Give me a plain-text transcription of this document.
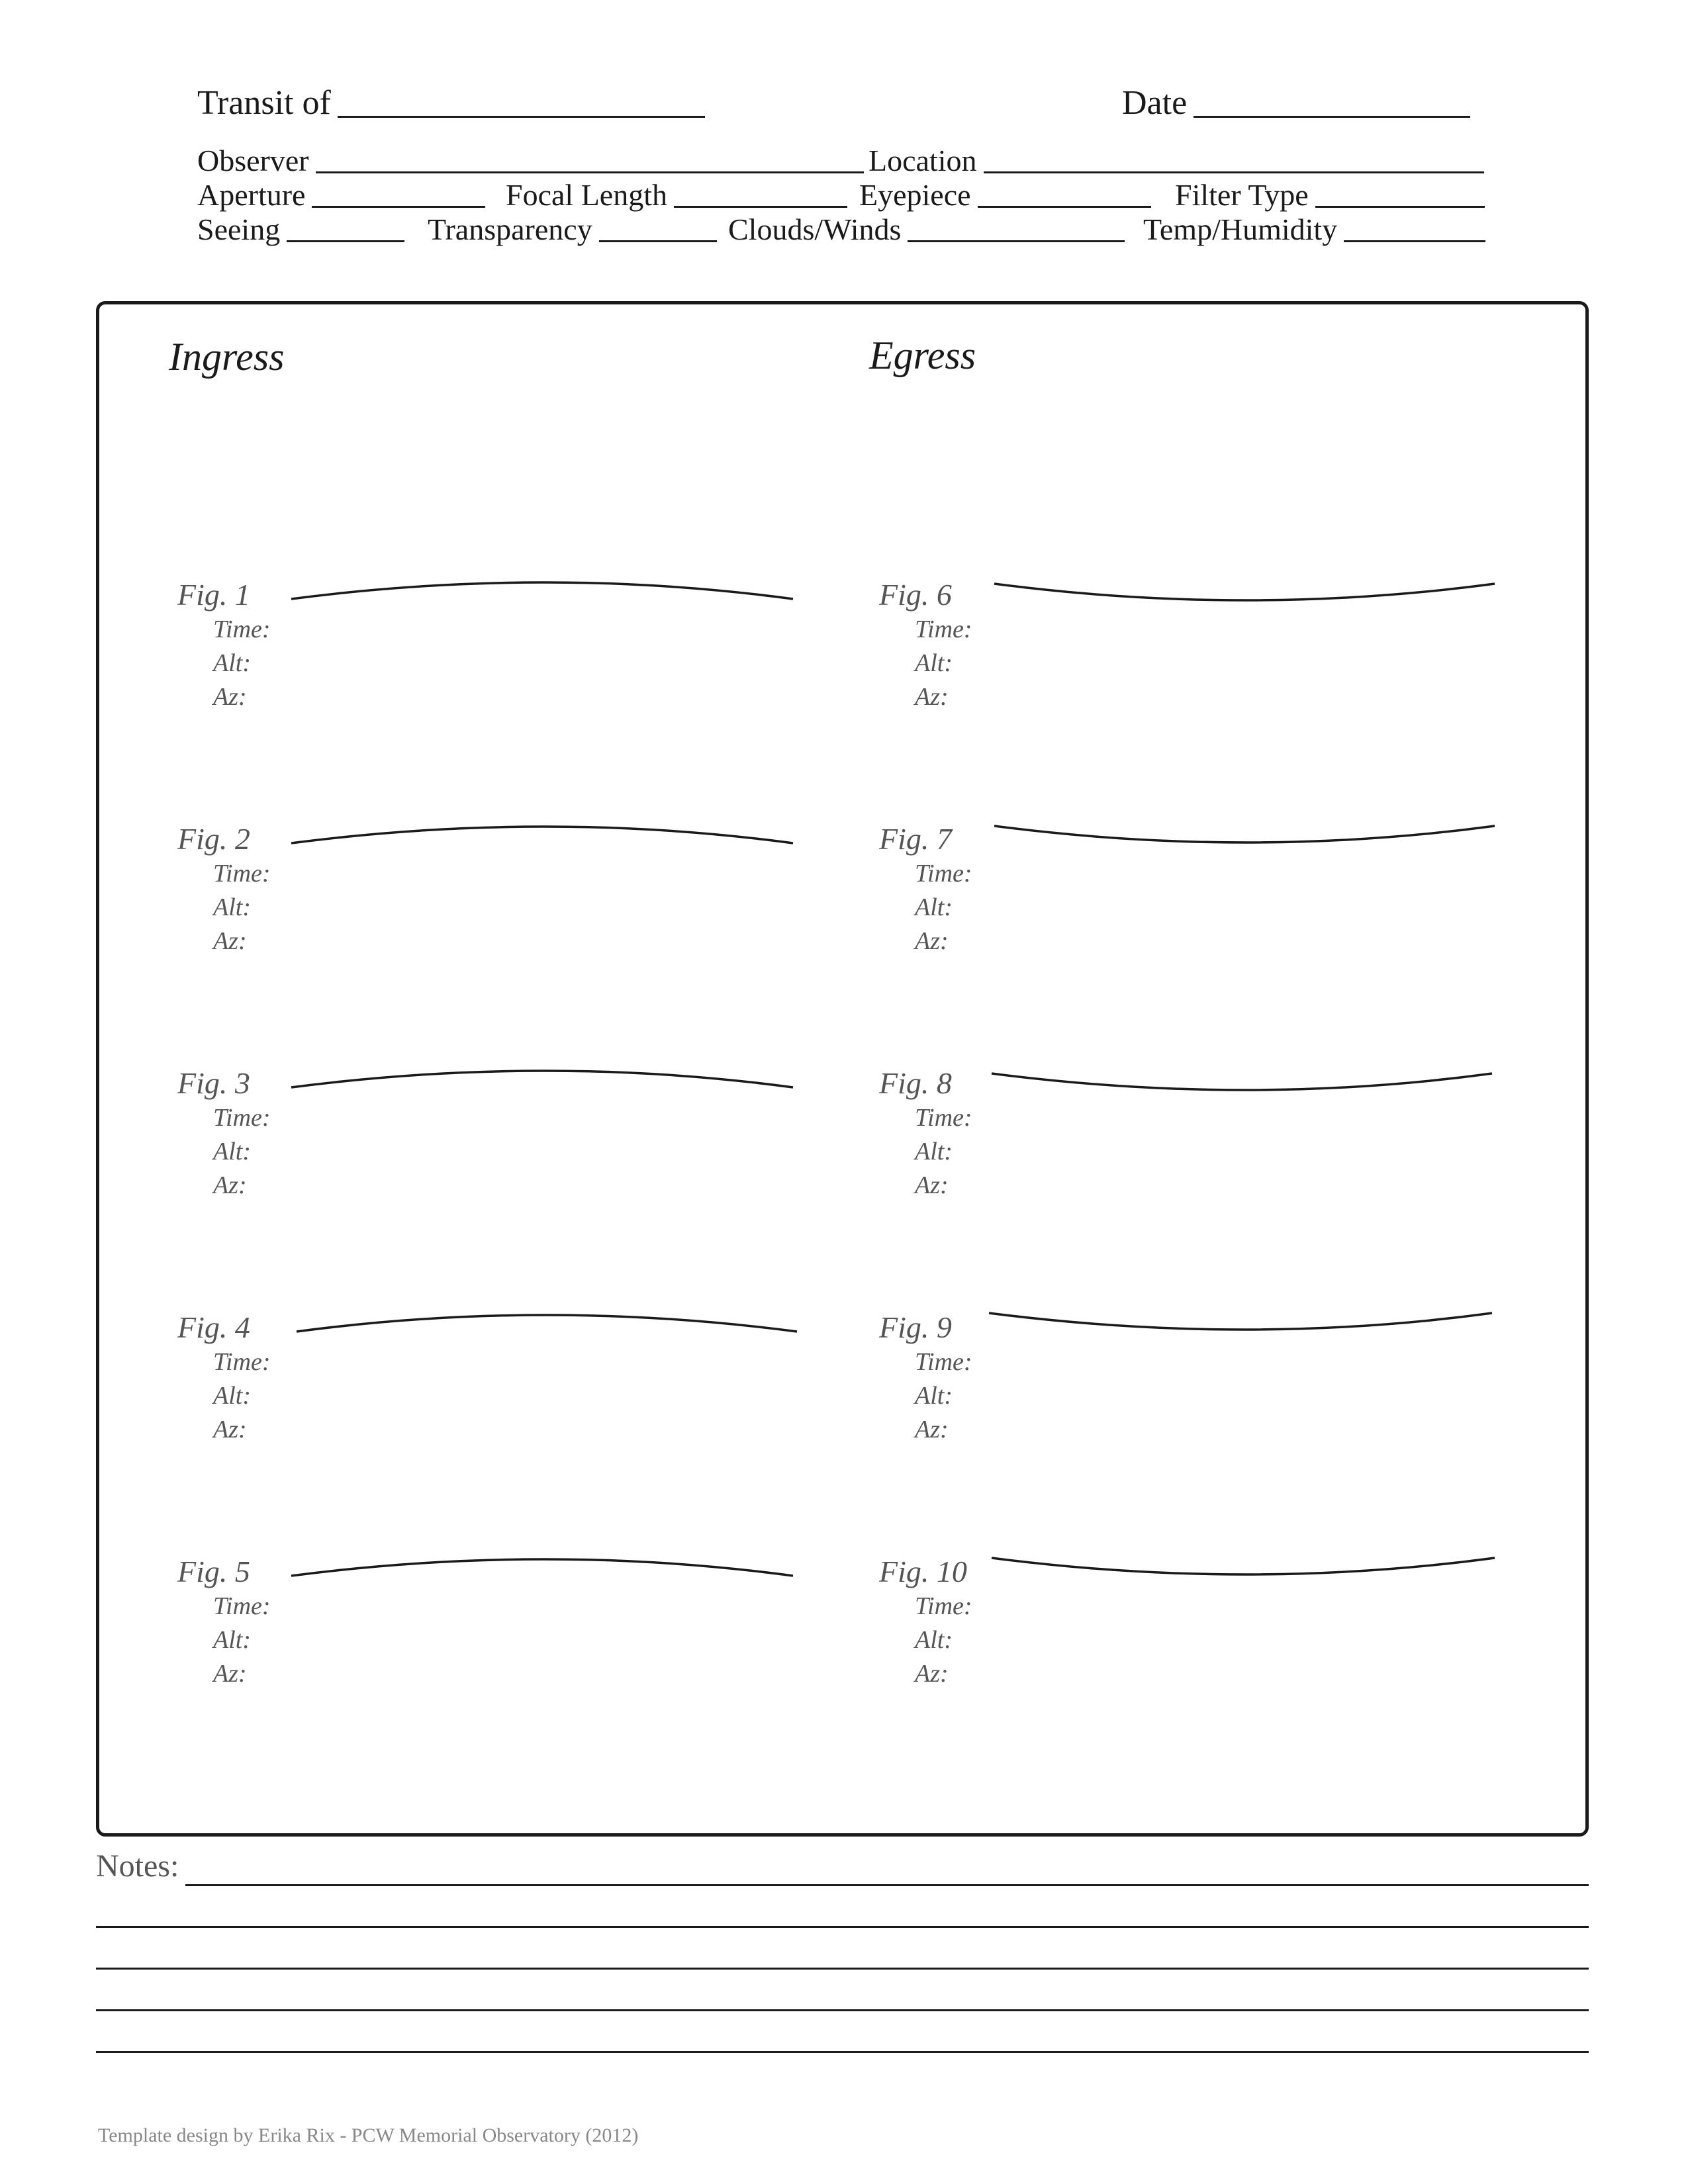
Transit of	Date
Observer	Location
Aperture	Focal Length	Eyepiece	Filter Type
Seeing	Transparency	Clouds/Winds	Temp/Humidity
Ingress	Egress
Fig. 1
Time:
Alt:
Az:
Fig. 2
Time:
Alt:
Az:
Fig. 3
Time:
Alt:
Az:
Fig. 4
Time:
Alt:
Az:
Fig. 5
Time:
Alt:
Az:
Fig. 6
Time:
Alt:
Az:
Fig. 7
Time:
Alt:
Az:
Fig. 8
Time:
Alt:
Az:
Fig. 9
Time:
Alt:
Az:
Fig. 10
Time:
Alt:
Az:
Notes:
Template design by Erika Rix - PCW Memorial Observatory (2012)
